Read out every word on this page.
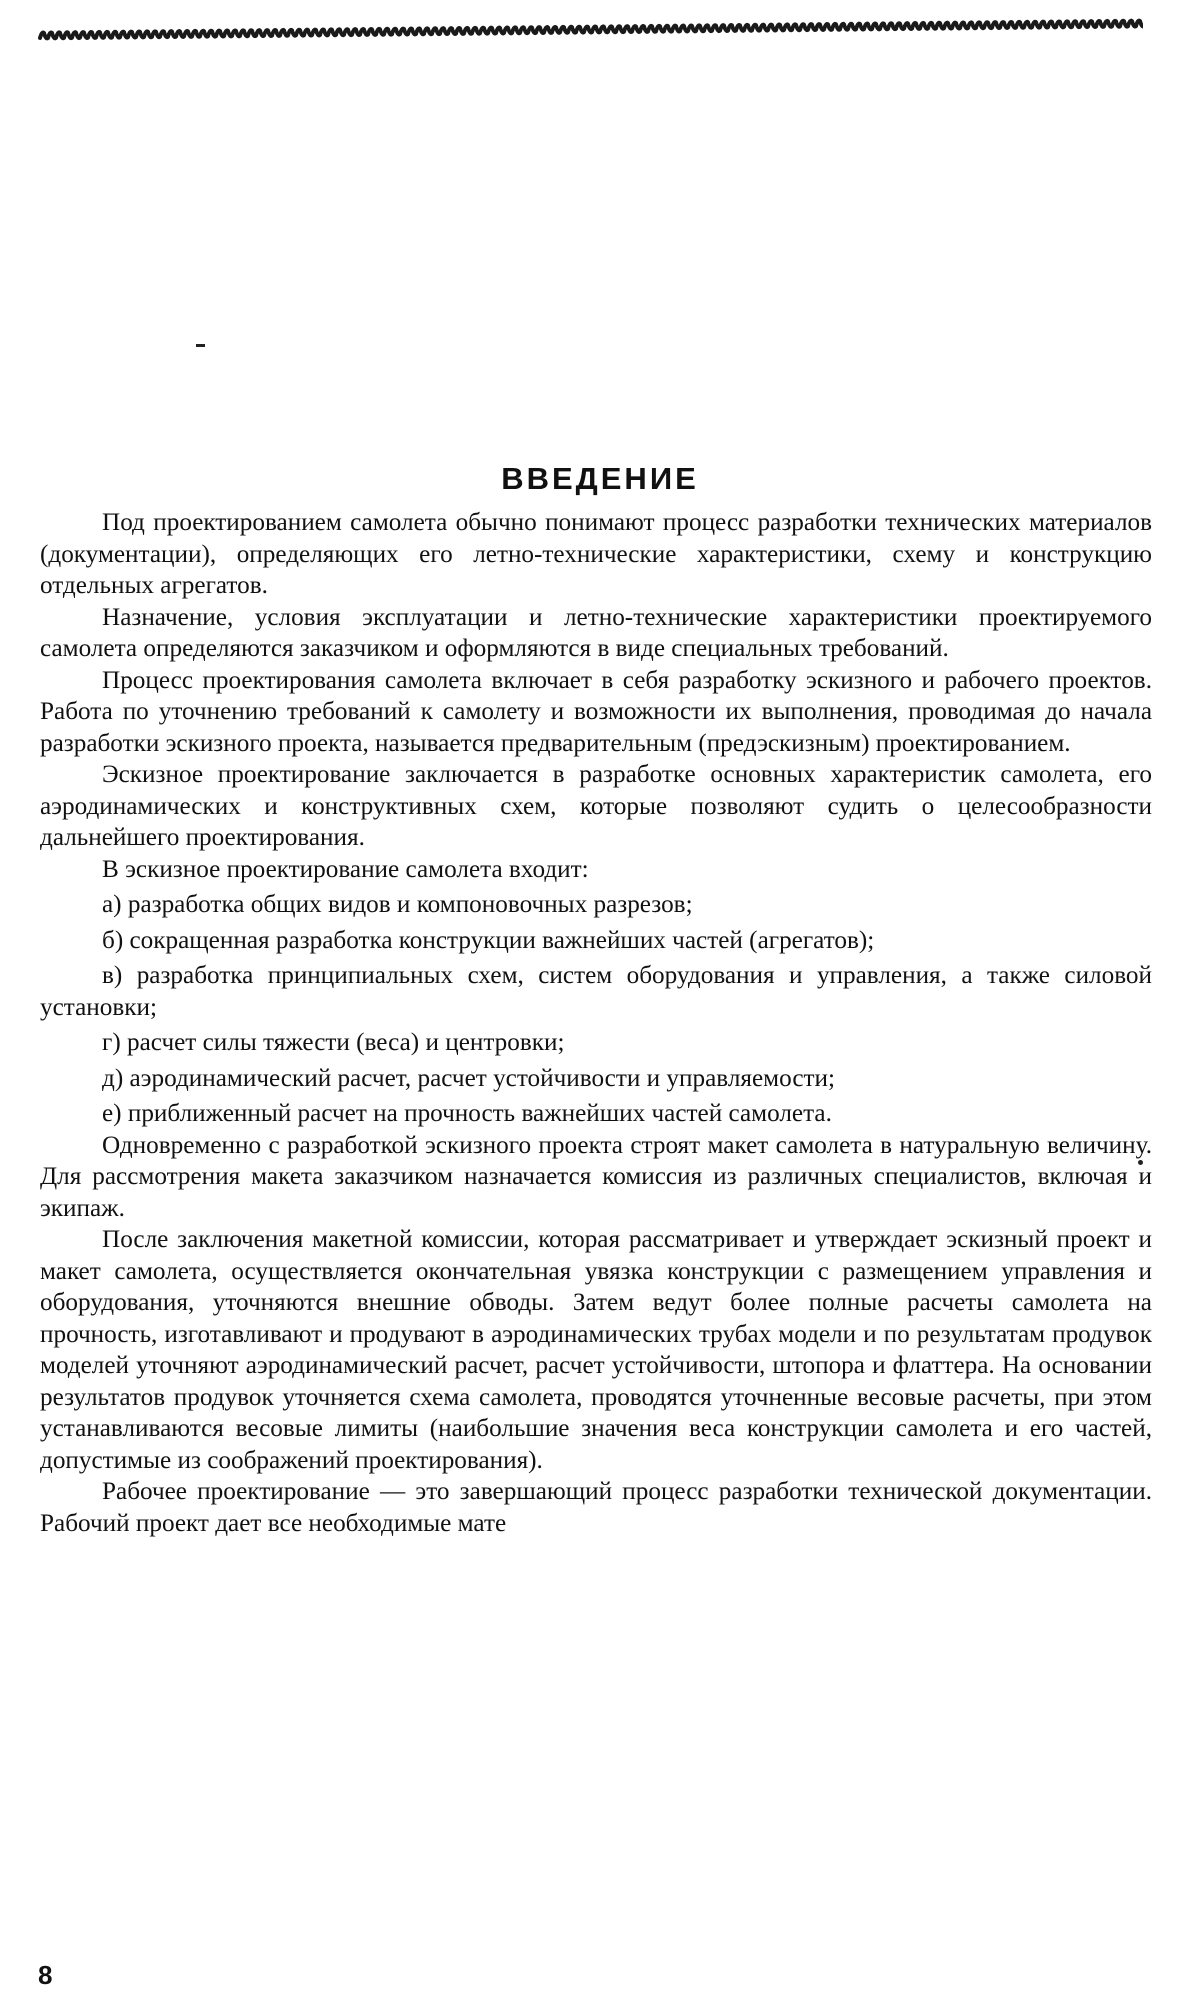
ВВЕДЕНИЕ

Под проектированием самолета обычно понимают процесс разработки технических материалов (документации), определяющих его летно-технические характеристики, схему и конструкцию отдельных агрегатов.

Назначение, условия эксплуатации и летно-технические характеристики проектируемого самолета определяются заказчиком и оформляются в виде специальных требований.

Процесс проектирования самолета включает в себя разработку эскизного и рабочего проектов. Работа по уточнению требований к самолету и возможности их выполнения, проводимая до начала разработки эскизного проекта, называется предварительным (предэскизным) проектированием.

Эскизное проектирование заключается в разработке основных характеристик самолета, его аэродинамических и конструктивных схем, которые позволяют судить о целесообразности дальнейшего проектирования.

В эскизное проектирование самолета входит:

а) разработка общих видов и компоновочных разрезов;

б) сокращенная разработка конструкции важнейших частей (агрегатов);

в) разработка принципиальных схем, систем оборудования и управления, а также силовой установки;

г) расчет силы тяжести (веса) и центровки;

д) аэродинамический расчет, расчет устойчивости и управляемости;

е) приближенный расчет на прочность важнейших частей самолета.

Одновременно с разработкой эскизного проекта строят макет самолета в натуральную величину. Для рассмотрения макета заказчиком назначается комиссия из различных специалистов, включая и экипаж.

После заключения макетной комиссии, которая рассматривает и утверждает эскизный проект и макет самолета, осуществляется окончательная увязка конструкции с размещением управления и оборудования, уточняются внешние обводы. Затем ведут более полные расчеты самолета на прочность, изготавливают и продувают в аэродинамических трубах модели и по результатам продувок моделей уточняют аэродинамический расчет, расчет устойчивости, штопора и флаттера. На основании результатов продувок уточняется схема самолета, проводятся уточненные весовые расчеты, при этом устанавливаются весовые лимиты (наибольшие значения веса конструкции самолета и его частей, допустимые из соображений проектирования).

Рабочее проектирование — это завершающий процесс разработки технической документации. Рабочий проект дает все необходимые мате

8
